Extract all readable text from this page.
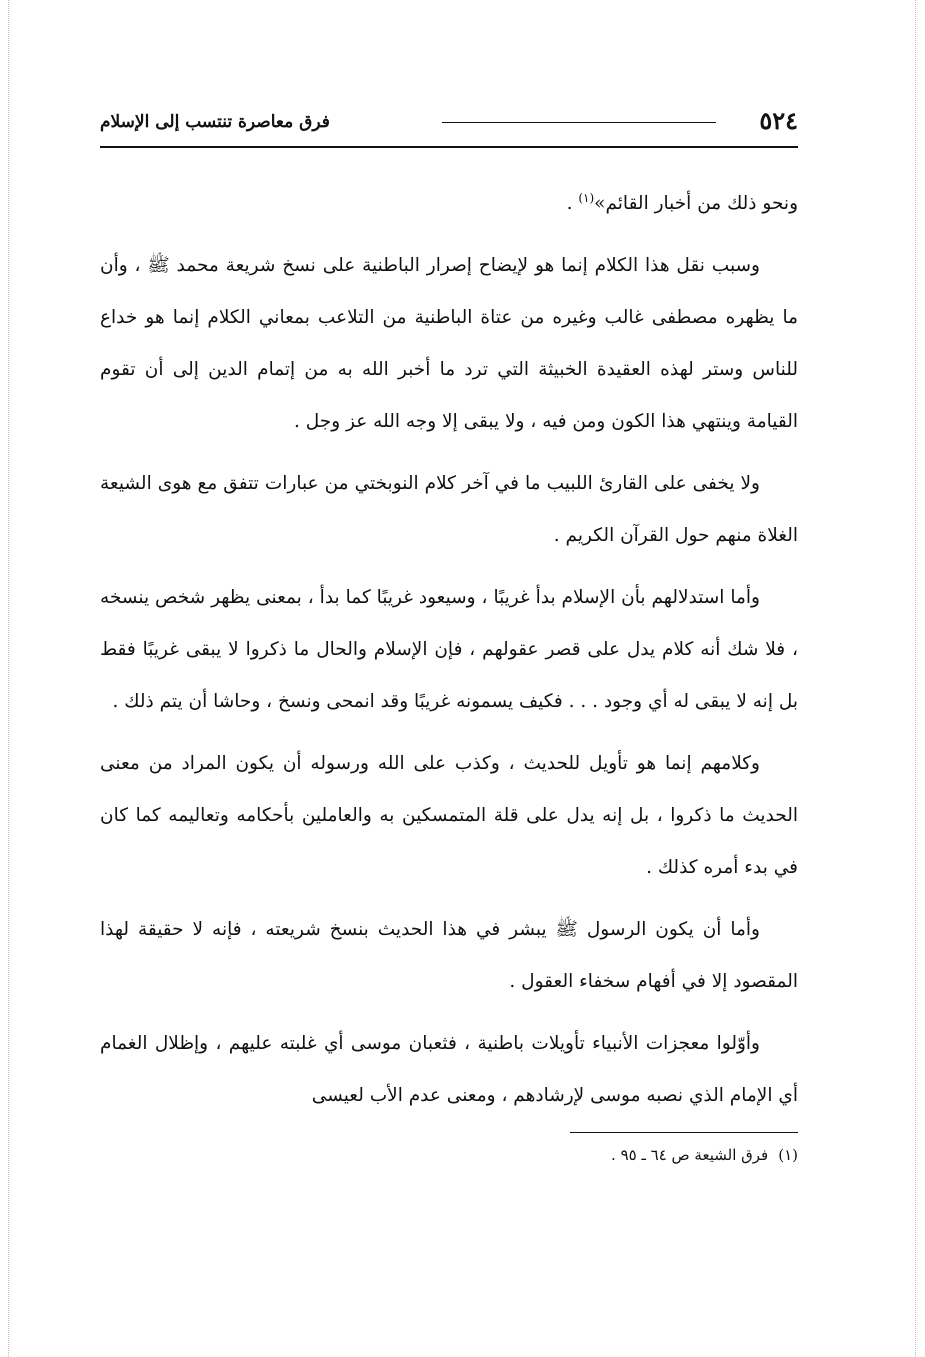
٥٢٤
فرق معاصرة تنتسب إلى الإسلام

ونحو ذلك من أخبار القائم»$^{(١)}$ .

وسبب نقل هذا الكلام إنما هو لإيضاح إصرار الباطنية على نسخ شريعة محمد ﷺ ، وأن ما يظهره مصطفى غالب وغيره من عتاة الباطنية من التلاعب بمعاني الكلام إنما هو خداع للناس وستر لهذه العقيدة الخبيثة التي ترد ما أخبر الله به من إتمام الدين إلى أن تقوم القيامة وينتهي هذا الكون ومن فيه ، ولا يبقى إلا وجه الله عز وجل .

ولا يخفى على القارئ اللبيب ما في آخر كلام النوبختي من عبارات تتفق مع هوى الشيعة الغلاة منهم حول القرآن الكريم .

وأما استدلالهم بأن الإسلام بدأ غريبًا ، وسيعود غريبًا كما بدأ ، بمعنى يظهر شخص ينسخه ، فلا شك أنه كلام يدل على قصر عقولهم ، فإن الإسلام والحال ما ذكروا لا يبقى غريبًا فقط بل إنه لا يبقى له أي وجود . . . فكيف يسمونه غريبًا وقد انمحى ونسخ ، وحاشا أن يتم ذلك .

وكلامهم إنما هو تأويل للحديث ، وكذب على الله ورسوله أن يكون المراد من معنى الحديث ما ذكروا ، بل إنه يدل على قلة المتمسكين به والعاملين بأحكامه وتعاليمه كما كان في بدء أمره كذلك .

وأما أن يكون الرسول ﷺ يبشر في هذا الحديث بنسخ شريعته ، فإنه لا حقيقة لهذا المقصود إلا في أفهام سخفاء العقول .

وأوّلوا معجزات الأنبياء تأويلات باطنية ، فثعبان موسى أي غلبته عليهم ، وإظلال الغمام أي الإمام الذي نصبه موسى لإرشادهم ، ومعنى عدم الأب لعيسى

(١)
فرق الشيعة ص ٦٤ ـ ٩٥ .
